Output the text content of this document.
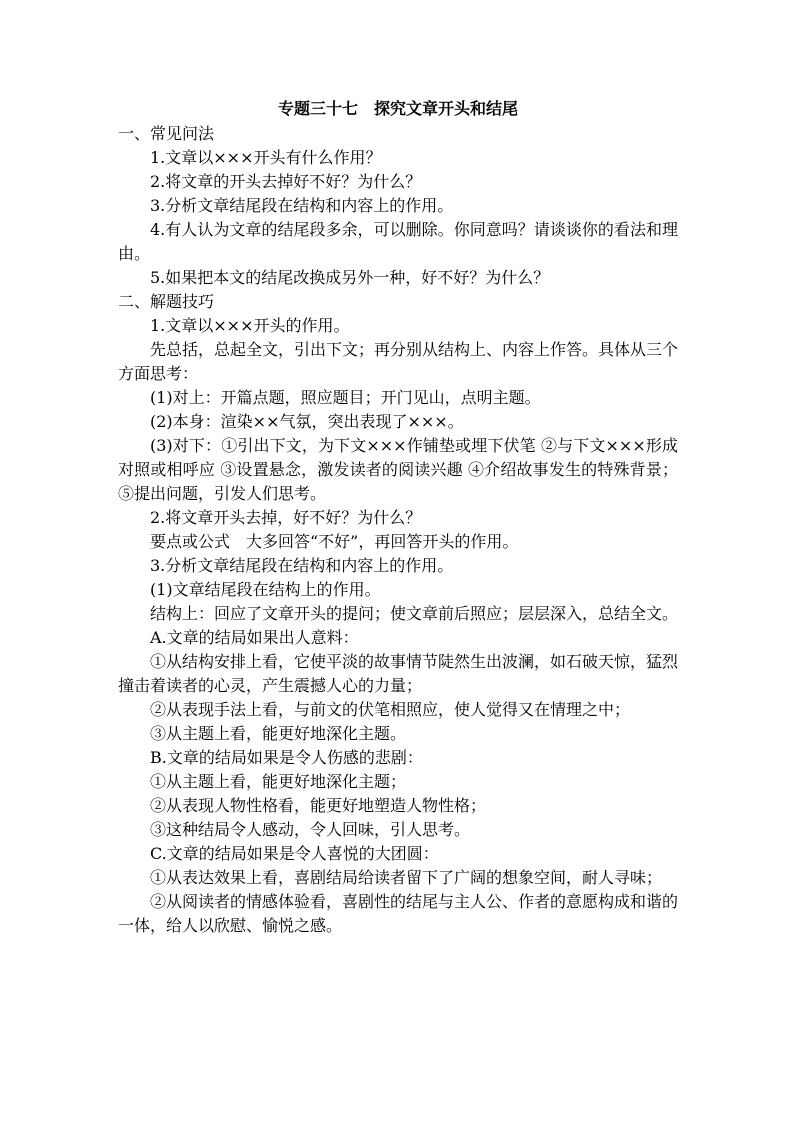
专题三十七　探究文章开头和结尾

一、常见问法

1.文章以×××开头有什么作用？

2.将文章的开头去掉好不好？为什么？

3.分析文章结尾段在结构和内容上的作用。

4.有人认为文章的结尾段多余，可以删除。你同意吗？请谈谈你的看法和理由。

5.如果把本文的结尾改换成另外一种，好不好？为什么？

二、解题技巧

1.文章以×××开头的作用。

先总括，总起全文，引出下文；再分别从结构上、内容上作答。具体从三个方面思考：

(1)对上：开篇点题，照应题目；开门见山，点明主题。

(2)本身：渲染××气氛，突出表现了×××。

(3)对下：①引出下文，为下文×××作铺垫或埋下伏笔 ②与下文×××形成对照或相呼应 ③设置悬念，激发读者的阅读兴趣 ④介绍故事发生的特殊背景；⑤提出问题，引发人们思考。

2.将文章开头去掉，好不好？为什么？

要点或公式　大多回答“不好”，再回答开头的作用。

3.分析文章结尾段在结构和内容上的作用。

(1)文章结尾段在结构上的作用。

结构上：回应了文章开头的提问；使文章前后照应；层层深入，总结全文。

A.文章的结局如果出人意料：

①从结构安排上看，它使平淡的故事情节陡然生出波澜，如石破天惊，猛烈撞击着读者的心灵，产生震撼人心的力量；

②从表现手法上看，与前文的伏笔相照应，使人觉得又在情理之中；

③从主题上看，能更好地深化主题。

B.文章的结局如果是令人伤感的悲剧：

①从主题上看，能更好地深化主题；

②从表现人物性格看，能更好地塑造人物性格；

③这种结局令人感动，令人回味，引人思考。

C.文章的结局如果是令人喜悦的大团圆：

①从表达效果上看，喜剧结局给读者留下了广阔的想象空间，耐人寻味；

②从阅读者的情感体验看，喜剧性的结尾与主人公、作者的意愿构成和谐的一体，给人以欣慰、愉悦之感。
